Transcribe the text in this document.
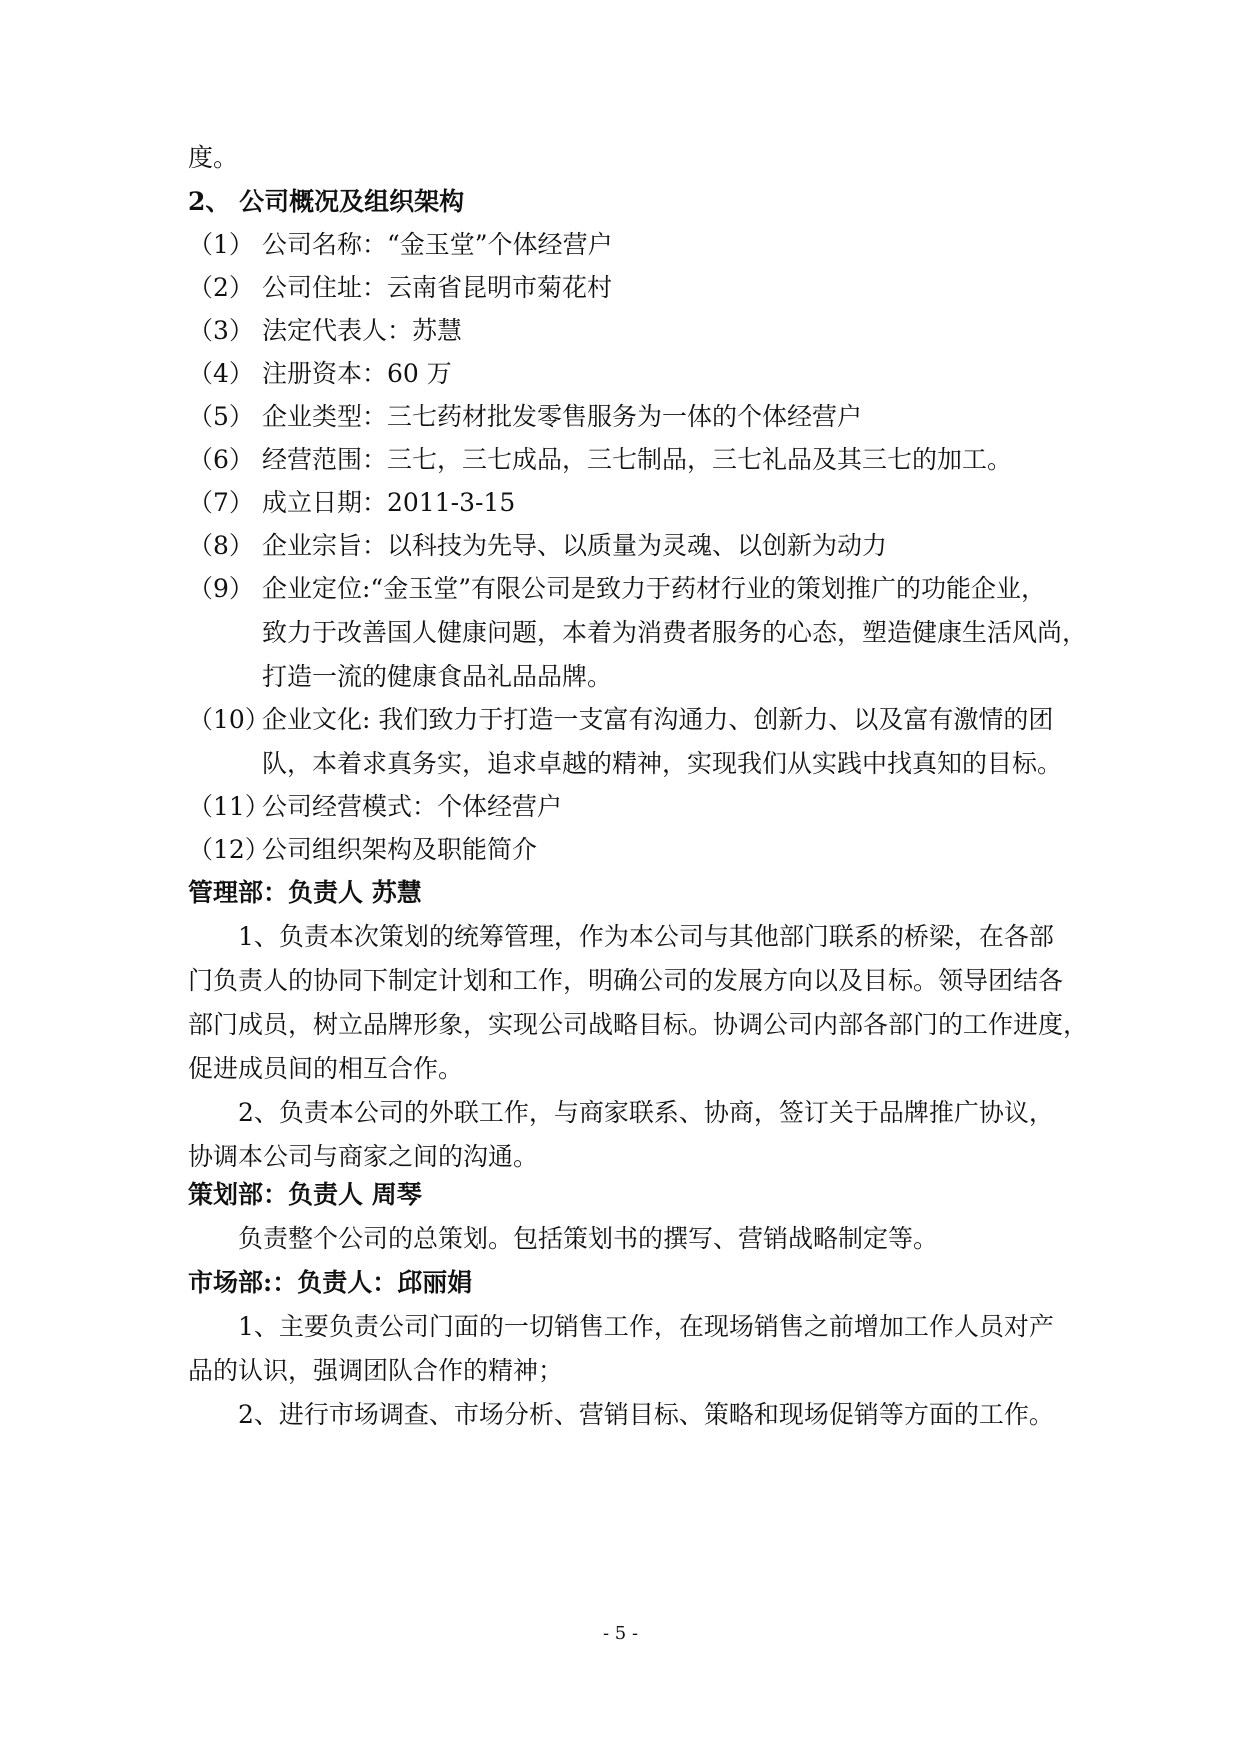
度。
2、 公司概况及组织架构
（1） 公司名称：“金玉堂”个体经营户
（2） 公司住址：云南省昆明市菊花村
（3） 法定代表人：苏慧
（4） 注册资本：60 万
（5） 企业类型：三七药材批发零售服务为一体的个体经营户
（6） 经营范围：三七，三七成品，三七制品，三七礼品及其三七的加工。
（7） 成立日期：2011-3-15
（8） 企业宗旨：以科技为先导、以质量为灵魂、以创新为动力
（9） 企业定位:“金玉堂”有限公司是致力于药材行业的策划推广的功能企业，
致力于改善国人健康问题，本着为消费者服务的心态，塑造健康生活风尚，
打造一流的健康食品礼品品牌。
（10）企业文化: 我们致力于打造一支富有沟通力、创新力、以及富有激情的团
队，本着求真务实，追求卓越的精神，实现我们从实践中找真知的目标。
（11）公司经营模式：个体经营户
（12）公司组织架构及职能简介
管理部：负责人 苏慧
1、负责本次策划的统筹管理，作为本公司与其他部门联系的桥梁，在各部
门负责人的协同下制定计划和工作，明确公司的发展方向以及目标。领导团结各
部门成员，树立品牌形象，实现公司战略目标。协调公司内部各部门的工作进度，
促进成员间的相互合作。
2、负责本公司的外联工作，与商家联系、协商，签订关于品牌推广协议，
协调本公司与商家之间的沟通。
策划部：负责人 周琴
负责整个公司的总策划。包括策划书的撰写、营销战略制定等。
市场部:：负责人：邱丽娟
1、主要负责公司门面的一切销售工作，在现场销售之前增加工作人员对产
品的认识，强调团队合作的精神；
2、进行市场调查、市场分析、营销目标、策略和现场促销等方面的工作。
- 5 -
